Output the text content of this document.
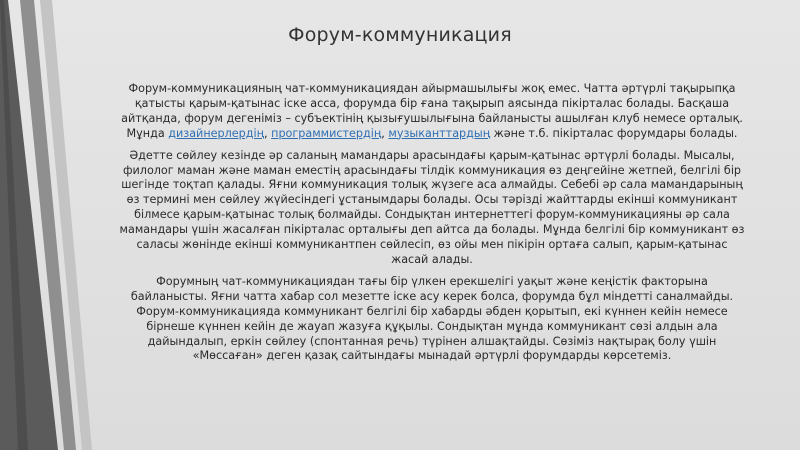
Форум-коммуникация

Форум-коммуникацияның чат-коммуникациядан айырмашылығы жоқ емес. Чатта әртүрлі тақырыпқа қатысты қарым-қатынас іске асса, форумда бір ғана тақырып аясында пікірталас болады. Басқаша айтқанда, форум дегеніміз – субъектінің қызығушылығына байланысты ашылған клуб немесе орталық. Мұнда дизайнерлердің, программистердің, музыканттардың және т.б. пікірталас форумдары болады.

Әдетте сөйлеу кезінде әр саланың мамандары арасындағы қарым-қатынас әртүрлі болады. Мысалы, филолог маман және маман еместің арасындағы тілдік коммуникация өз деңгейіне жетпей, белгілі бір шегінде тоқтап қалады. Яғни коммуникация толық жүзеге аса алмайды. Себебі әр сала мамандарының өз термині мен сөйлеу жүйесіндегі ұстанымдары болады. Осы тәрізді жайттарды екінші коммуникант білмесе қарым-қатынас толық болмайды. Сондықтан интернеттегі форум-коммуникацияны әр сала мамандары үшін жасалған пікірталас орталығы деп айтса да болады. Мұнда белгілі бір коммуникант өз саласы жөнінде екінші коммуникантпен сөйлесіп, өз ойы мен пікірін ортаға салып, қарым-қатынас жасай алады.

Форумның чат-коммуникациядан тағы бір үлкен ерекшелігі уақыт және кеңістік факторына байланысты. Яғни чатта хабар сол мезетте іске асу керек болса, форумда бұл міндетті саналмайды. Форум-коммуникацияда коммуникант белгілі бір хабарды әбден қорытып, екі күннен кейін немесе бірнеше күннен кейін де жауап жазуға құқылы. Сондықтан мұнда коммуникант сөзі алдын ала дайындалып, еркін сөйлеу (спонтанная речь) түрінен алшақтайды. Сөзіміз нақтырақ болу үшін «Мөссаған» деген қазақ сайтындағы мынадай әртүрлі форумдарды көрсетеміз.
